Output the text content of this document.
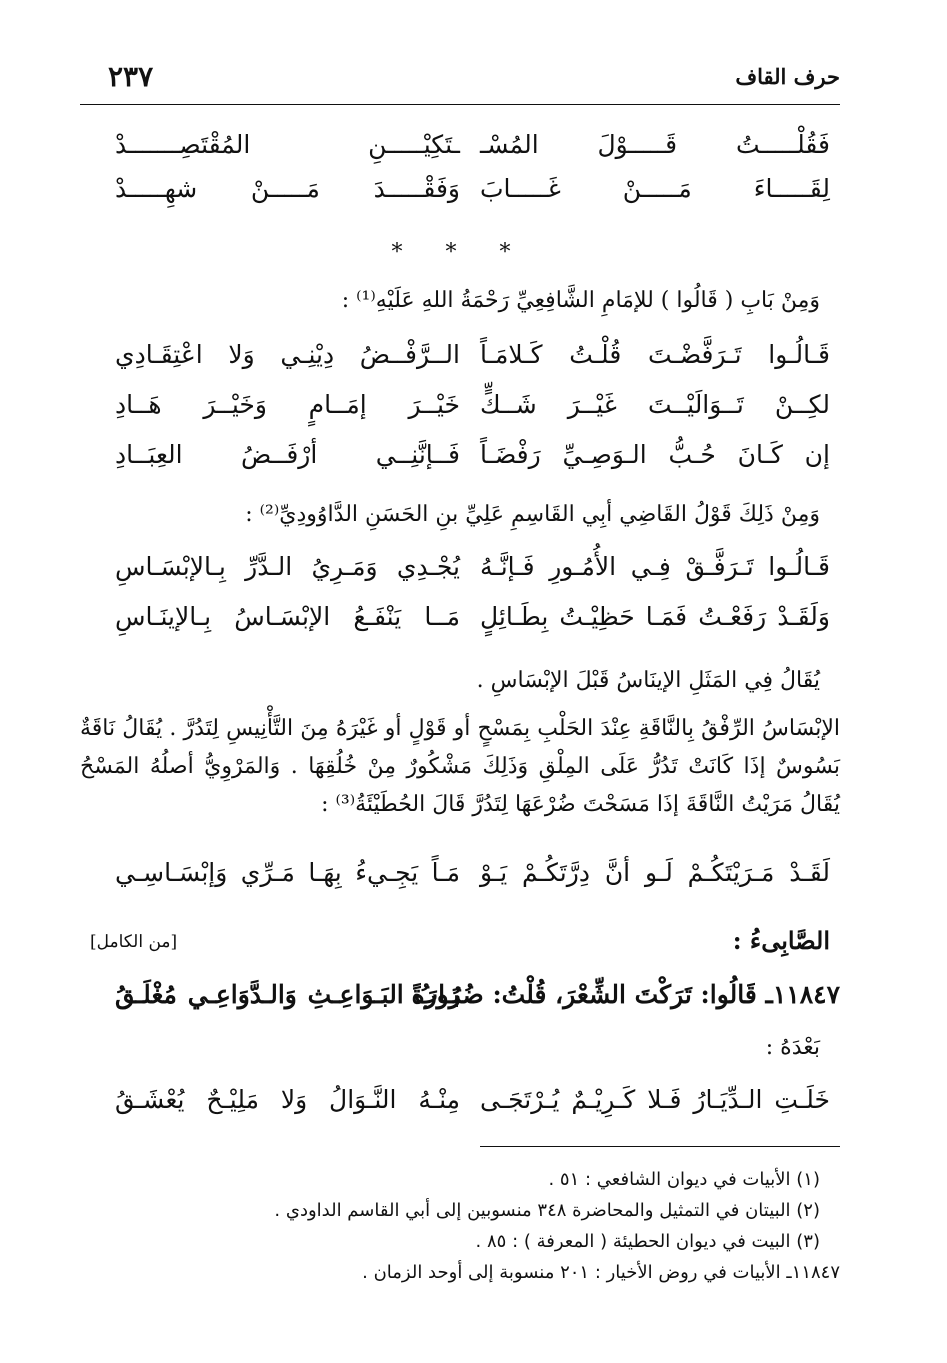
حرف القاف
٢٣٧
فَقُلْـــــتُ قَـــــوْلَ المُسْـ
ـتَكِيْـــــنِ المُقْتَصِـــــــدْ
لِقَـــــاءَ مَـــــنْ غَـــــابَ
وَفَقْـــــدَ مَـــــنْ شهِـــــدْ
* * *
وَمِنْ بَابِ ( قَالُوا ) للإمَامِ الشَّافِعِيِّ رَحْمَةُ اللهِ عَلَيْهِ⁽¹⁾ :
قَـالُـوا تَـرَفَّضْـتَ قُلْـتُ كَـلامَـاً
الــرَّفْــضُ دِيْنِـي وَلا اعْتِقَـادِي
لكِــنْ تَــوَالَيْــتَ غَيْــرَ شَــكٍّ
خَيْــرَ إمَــامٍ وَخَيْــرَ هَــادِ
إن كَـانَ حُـبُّ الـوَصِـيِّ رَفْضَـاً
فَــإنَّنِــي أرْفَــضُ العِبَــادِ
وَمِنْ ذَلِكَ قَوْلُ القَاضِي أبِي القَاسِمِ عَلِيِّ بنِ الحَسَنِ الدَّاوُودِيِّ⁽²⁾ :
قَـالُـوا تَـرَفَّـقْ فِـي الأُمُـورِ فَـإنَّـهُ
يُجْـدِي وَمَـرِيُ الـدَّرِّ بِـالإبْسَـاسِ
وَلَقَـدْ رَفَعْـتُ فَمَـا حَظِيْـتُ بِطَـائِلٍ
مَــا يَنْفَـعُ الإبْسَـاسُ بِـالإينَـاسِ
يُقَالُ فِي المَثَلِ الإينَاسُ قَبْلَ الإبْسَاسِ .
الإبْسَاسُ الرِّفْقُ بِالنَّاقَةِ عِنْدَ الحَلْبِ بِمَسْحٍ أو قَوْلٍ أو غَيْرَهُ مِنَ التَّأْنِيسِ لِتَدُرَّ . يُقَالُ نَاقَةٌ بَسُوسٌ إذَا كَانَتْ تَدُرُّ عَلَى المِلْقِ وَذَلِكَ مَشْكُورٌ مِنْ خُلُقِهَا . وَالمَرْوِيُّ أصلُهُ المَسْحُ يُقَالُ مَرَيْتُ النَّاقَةَ إذَا مَسَحْتَ ضُرْعَهَا لِتَدُرَّ قَالَ الحُطَيْئَةُ⁽³⁾ :
لَقَـدْ مَـرَيْتَكُـمْ لَـو أنَّ دِرَّتَكُـمْ يَـوْ
مَـاً يَجِـيءُ بِهَـا مَـرِّي وَإبْسَـاسِـي
الصَّابِىءُ :
[من الكامل]
١١٨٤٧ـ قَالُوا: تَرَكْتَ الشِّعْرَ، قُلْتُ: ضُرُورَةً
بَـابُ البَـوَاعِـثِ وَالـدَّوَاعِـي مُغْلَـقُ
بَعْدَهُ :
خَلَـتِ الـدِّيَـارُ فَـلا كَـرِيْـمٌ يُـرْتَجَـى
مِنْـهُ النَّـوَالُ وَلا مَلِيْـحٌ يُعْشَـقُ
(١) الأبيات في ديوان الشافعي : ٥١ .
(٢) البيتان في التمثيل والمحاضرة ٣٤٨ منسوبين إلى أبي القاسم الداودي .
(٣) البيت في ديوان الحطيئة ( المعرفة ) : ٨٥ .
١١٨٤٧ـ الأبيات في روض الأخيار : ٢٠١ منسوبة إلى أوحد الزمان .
